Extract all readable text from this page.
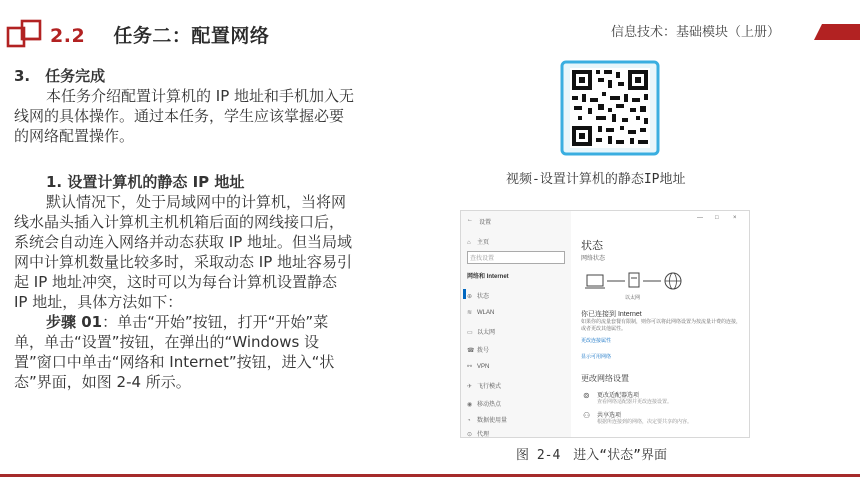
2.2 任务二：配置网络	信息技术：基础模块（上册）

3.　任务完成

本任务介绍配置计算机的 IP 地址和手机加入无线网的具体操作。通过本任务，学生应该掌握必要的网络配置操作。

1. 设置计算机的静态 IP 地址

默认情况下，处于局域网中的计算机，当将网线水晶头插入计算机主机机箱后面的网线接口后，系统会自动连入网络并动态获取 IP 地址。但当局域网中计算机数量比较多时，采取动态 IP 地址容易引起 IP 地址冲突，这时可以为每台计算机设置静态 IP 地址，具体方法如下：

步骤 01：单击“开始”按钮，打开“开始”菜单，单击“设置”按钮，在弹出的“Windows 设置”窗口中单击“网络和 Internet”按钮，进入“状态”界面，如图 2-4 所示。

视频-设置计算机的静态IP地址
← 设置
⌂ 主页
查找设置
网络和 Internet
⊕ 状态
≋ WLAN
▭ 以太网
☎ 拨号
⚯ VPN
✈ 飞行模式
◉ 移动热点
◔ 数据使用量
⊙ 代理
— □ ×
状态
网络状态
以太网
你已连接到 Internet
如果你的流量套餐有限制，则你可以将此网络设置为按流量计费的连接，或者更改其他属性。
更改连接属性
显示可用网络
更改网络设置
⊚ 更改适配器选项
查看网络适配器并更改连接设置。
⚇ 共享选项
根据所连接到的网络，决定要共享的内容。
图 2-4　进入“状态”界面
